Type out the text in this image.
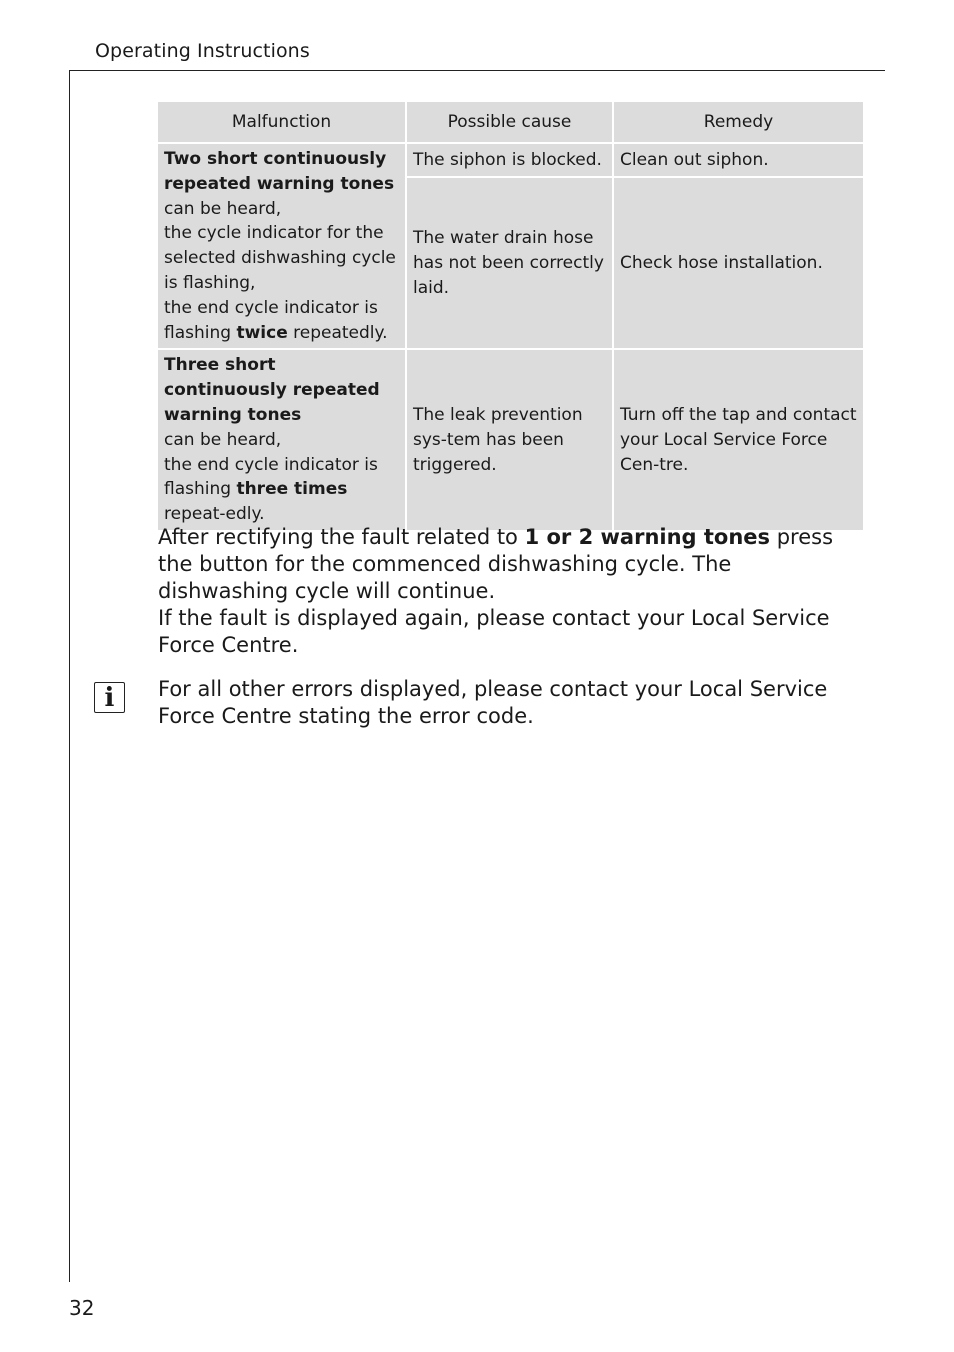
Operating Instructions
Malfunction	Possible cause	Remedy
Two short continuously repeated warning tones
can be heard,
the cycle indicator for the selected dishwashing cycle is flashing,
the end cycle indicator is flashing twice repeatedly.	The siphon is blocked.	Clean out siphon.
	The water drain hose has not been correctly laid.	Check hose installation.
Three short continuously repeated warning tones
can be heard,
the end cycle indicator is flashing three times repeat-edly.	The leak prevention sys-tem has been triggered.	Turn off the tap and contact your Local Service Force Cen-tre.
After rectifying the fault related to 1 or 2 warning tones press the button for the commenced dishwashing cycle. The dishwashing cycle will continue.
If the fault is displayed again, please contact your Local Service Force Centre.
i For all other errors displayed, please contact your Local Service Force Centre stating the error code.
32
